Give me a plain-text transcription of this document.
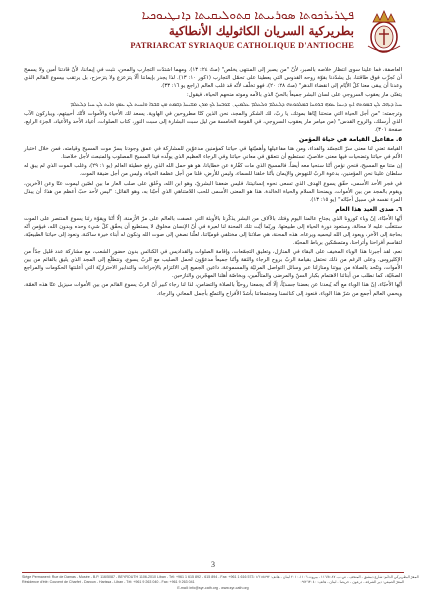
ܦܛܪܝܪܟܘܬܐ ܣܘܪܝܝܬܐ ܩܬܘܠܝܩܝܬܐ ܕܐܢܛܝܘܟܝܐ
بطريركية السريان الكاثوليك الأنطاكية
PATRIARCAT SYRIAQUE CATHOLIQUE D'ANTIOCHE

العاصفة، فما علينا سوى انتظار خلاصه بالصبر، لأنّ "من يصبر إلى المنتهى يخلص" (متّ ٢٤: ١٣). ومهما اشتدّت التجارب والمحن، نثبت في إيماننا، لأنّ قادتنا أمين ولا يسمح أن نُجرَّب فوق طاقتنا، بل يشدّدنا بقوّة روحه القدوس التي يعطينا على تحمّل التجارب (١كور ١٠: ١٣). لذا يجدر بإيماننا ألّا يتزعزع ولا يتزحزح، بل يرتقب بيسوع القائم الذي وعدنا أن يبقى معنا كلّ الأيّام إلى انقضاء الدهر" (متّ ٢٨: ٢٠)، فهو تخلّف لأنّه قد غلب العالم (راجع يو ١٦: ٣٣).

يتغنّى مار يعقوب السروجي على لسان البشر جميعاً بالحيّ الذي بالآمه وموته منحهم الحياة، فيقول:

ܚܝܐ ܕܝܗܒ ܠܢ ܒܡܘܬܗ ܐܝܟ ܕܢܚܐ ܥܡܗ ܒܪܘܚܐ ܒܡܠܟܘܬܗ ܕܠܥܠܡ ܘܠܥܠܡ ܥܠܡܝܢ܆ ܫܘܒܚܐ ܠܟ ܡܪܢ ܡܫܝܚܐ ܕܩܡܬ ܡܢ ܩܒܪܐ ܘܐܚܝܬ ܠܢ ܥܡܟ ܘܐܝܬ ܠܢ ܚܝܐ ܕܠܥܠܡ

وترجمته: "من أجل الحياة التي منحتنا إيّاها بموتك، يا ربّ، لك الشكر والمجد، نحن الذين كنّا مطروحين في الهاوية. يسعد لك الأحياء والأموات لأنّك أحييتهم، ويباركون الآب الذي أرسلك، والروح القدس" (من ميامر مار يعقوب السروجي، في القومة الخامسة من ليل سبت البشارة إلى سبت النور، كتاب الصلوات، أعياد الأحد والأعياد، الجزء الرابع، صفحة ٣٠١).

٥. مفاعيل القيامة في حياة المؤمن

القيامة تعني لنا معنى سرّ التجسّد والفداء، ومن هنا مفاعيلها وأهميّتها في حياتنا كمؤمنين مدعوّين للمشاركة في عمق وجودنا بسرّ موت المسيح وقيامته، فمن خلال اختبار الألم في حياتنا وتضحيات فيها معنى خلاصيّ، نستطيع أن نتعمّق في معاني حياتنا وفي الرجاء العظيم الذي يولّده فينا المسيح المصلوب والمنبعث لأجل خلاصنا.

إن متنا مع المسيح، فنحن نؤمن أنّنا سنحيا معه أيضاً. فالمسيح الذي مات كفّارة عن خطايانا، هو هو حمل الله الذي رفع خطيئة العالم (يو ١: ٢٩)، وغلب الموت الذي لم يبق له سلطان علينا نحن المؤمنين، بدعوة الربّ للنهوض والإيمان بأنّنا خلقنا للسماء، وليس للأرض، فلنا من أجل عظمة الحياة، وليس من أجل ضيقة الموت.

في فجر الأحد الأسمى، حقّق يسوع الهدف الذي تسعى نحوه إنسانيتنا، فليس ضعفنا البشريّ، وهو ابن الله، وخُلق على صلب العار ما بين لصّين ليموت عنّا وعن الآخرين، ويقوم بالمجد من بين الأموات، ويمنحنا السلام والحياة الخالدة. هذا هو المعنى الأسمى للحب اللامتناهي الذي أحبّنا به، وهو القائل: "ليس لأحد حبّ أعظم من هذا: أن يبذل المرء نفسه في سبيل أحبّائه" (يو ١٥: ١٣).

٦. صدى العيد هذا العام

أيّها الأحبّاء، إنّ وباء كورونا الذي يجتاح عالمنا اليوم وفتك بالآلاف من البشر يذكّرنا بالأوبئة التي عصفت بالعالم على مرّ الأزمنة، إلّا أنّنا ويقوّة رئنا يسوع المنتصر على الموت ستتغلّب عليه لا محالة، وستعود دورة الحياة إلى طبيعتها. وربّما أيّت تلك المحنة لنا لعبرة في أنّ الإنسان مخلوق لا يستطيع أن يحقّق كلّ شيء وحده وبدون الله، فيؤمن أنّه بحاجة إلى الآخر، ويعود إلى الله ليحميه ويرعاه. هذه المحنة، هي صلاتنا إلى مختلفي قوميّاتنا، لعلّنا نصغي إلى صوت الله ونكون له أبناء خيرة ساكنة، ونعود إلى حياتنا الطبيعيّة، لتقاسم أفراحنا وأتراحنا، ومتمسّكين برباط المحبّة.

نعم، لقد أجبرنا هذا الوباء المخيف على البقاء في المنازل، وتعليق التجمّعات، وإقامة الصلوات والقداديس في الكنائس بدون حضور الشعب، مع مشاركة عدد قليل جدّاً من الإكليروس. وعلى الرغم من ذلك نحتفل بقيامة الربّ بروح الرجاء والثقة وأنّنا جميعاً مدعوّون لحمل الصليب مع الربّ يسوع، ونتطلّع إلى المجد الذي يليق بالقائم من بين الأموات، ونتّحد بالصلاة من بيوتنا ومنازلنا عبر وسائل التواصل المرئيّة والمسموعة، داعين الجميع إلى الالتزام بالإجراءات والتدابير الاحترازيّة التي أعلنتها الحكومات والمراجع الصحّيّة، كما نطلب من أبنائنا الاهتمام بكبار السنّ والمرضى والمتألّمين، وبخاصّة أهلنا المهجّرين والنازحين.

أيّها الأحبّاء، إنّ هذا الوباء مع أنّه يُبعدنا عن بعضنا جسديّاً، إلّا أنّه يجمعنا روحيّاً بالصلاة والتضامن، لذا لنا رجاء كبير أنّ الربّ يسوع القائم من بين الأموات سيزيل عنّا هذه الغمّة، ويحمي العالم أجمع من شرّ هذا الوباء، فنعود إلى كنائسنا ومجتمعاتنا بأشدّ الأفراح والتمتّع بأجمل المعاني والرجاء.

3
Siège Permanent: Rue de Damas - Musée - B.P. 116/5087 - BEYROUTH 1106-2010 Liban - Tél: +961 1 615 892 - 615 894 - Fax: +961 1 616 573 المقرّ البطريركي الدائم: شارع دمشق - المتحف - ص.ب. ١١٦/٥٠٨٧ - بيروت ١١٠٦-٢٠١٠ لبنان - هاتف: ٠١/٦١٥٨٩٢
Résidence d'été: Couvent de Charfet - Daroun - Harissa - Liban - Tél: +961 9 263 040 - Fax: +961 9 263 041	المقرّ الصيفي: دير الشرفة - درعون - حريصا - لبنان - هاتف: ٠٩/٢٦٣٠٤٠
E-mail: info@syr-cath.org - www.syr-cath.org
